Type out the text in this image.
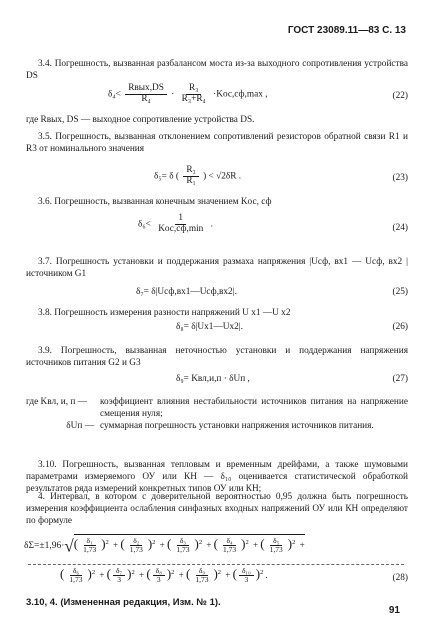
ГОСТ 23089.11—83 С. 13
3.4. Погрешность, вызванная разбалансом моста из-за выходного сопротивления устройства DS
$\delta_4< \frac{\text{Rвых,DS}}{\text{R₄}} \cdot \frac{\text{R₃}}{\text{R₃+R₄}} \cdot Kос,сф,\max$ ,	(22)
где Rвых, DS — выходное сопротивление устройства DS.
3.5. Погрешность, вызванная отклонением сопротивлений резисторов обратной связи R1 и R3 от номинального значения
δ₅= δ ( $\frac{\text{R₃}}{\text{R₁}}$ ) < √2δR .	(23)
3.6. Погрешность, вызванная конечным значением Kос, сф
$\delta_6< \frac{1}{\text{Kос,сф,min}}$ .	(24)
3.7. Погрешность установки и поддержания размаха напряжения |Uсф, вх1 — Uсф, вх2 | источником G1
δ₇= δ|Uсф,вх1—Uсф,вх2|.	(25)
3.8. Погрешность измерения разности напряжений U x1 —U x2
δ₈= δ|Ux1—Ux2|.	(26)
3.9. Погрешность, вызванная неточностью установки и поддержания напряжения источников питания G2 и G3
δ₉= Kвл,и,п · δUп ,	(27)
где Kвл, и, п —	коэффициент влияния нестабильности источников питания на напряжение смещения нуля;
δUп — суммарная погрешность установки напряжения источников питания.
3.10. Погрешность, вызванная тепловым и временным дрейфами, а также шумовыми параметрами измеряемого ОУ или КН — δ₁₀ оценивается статистической обработкой результатов ряда измерений конкретных типов ОУ или КН;
4. Интервал, в котором с доверительной вероятностью 0,95 должна быть погрешность измерения коэффициента ослабления синфазных входных напряжений ОУ или КН определяют по формуле
$\delta\Sigma=\pm 1,96\cdot√( \frac{\text{δ₁}}{1,73} )^2$ + ( $\frac{\text{δ₂}}{1,73} )^2$ + ( $\frac{\text{δ₃}}{1,73} )^2$ + ( $\frac{\text{δ₄}}{1,73} )^2$ + ( $\frac{\text{δ₅}}{1,73} )^2$ +
( $\frac{\text{δ₆}}{1,73} )^2$ + ( $\frac{\text{δ₇}}{3} )^2$ + ( $\frac{\text{δ₈}}{3} )^2$ + ( $\frac{\text{δ₉}}{1,73} )^2$ + ( $\frac{\text{δ₁₀}}{3} )^2$ .	(28)
3.10, 4. (Измененная редакция, Изм. № 1).
91
